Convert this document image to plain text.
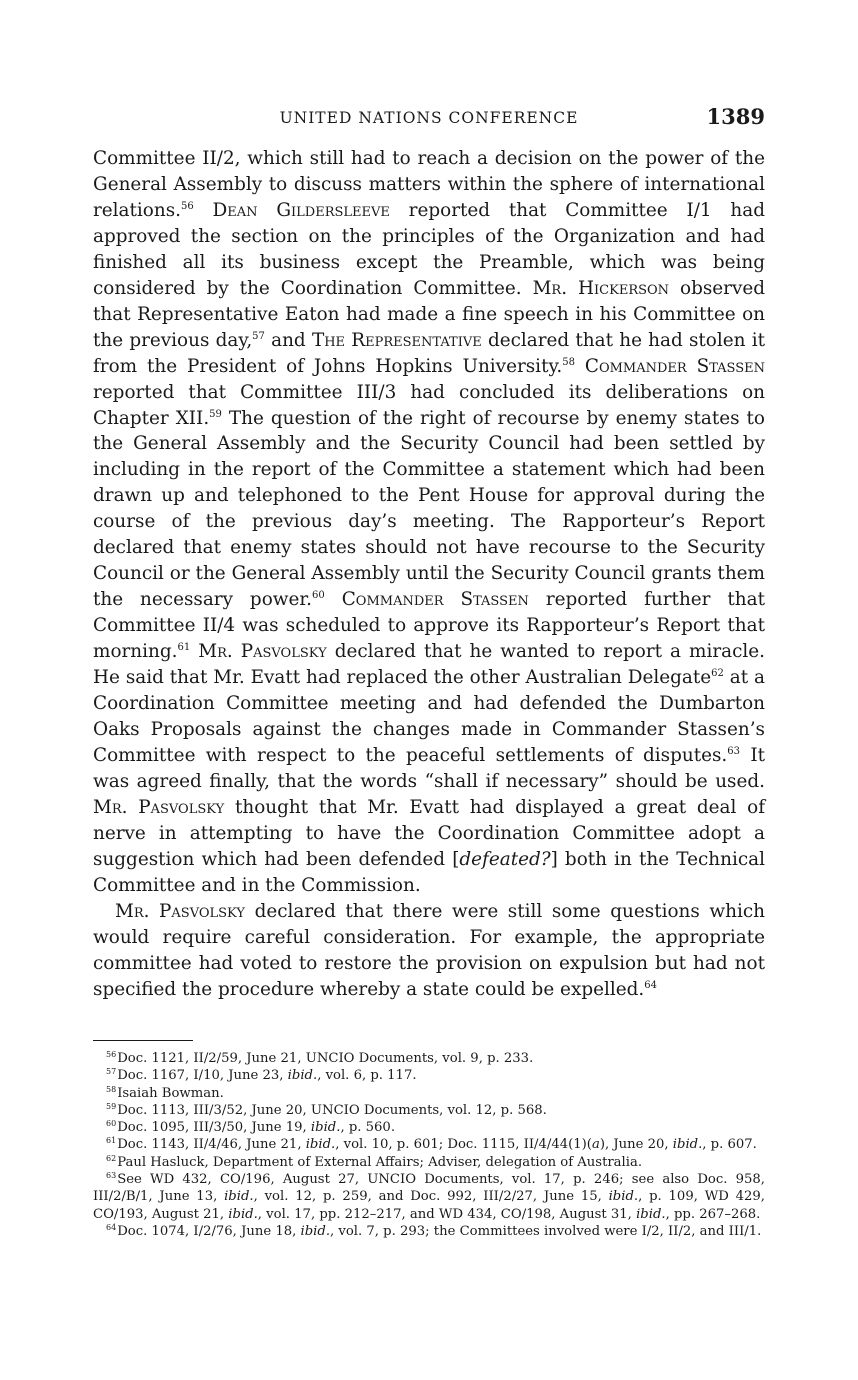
UNITED NATIONS CONFERENCE	1389

Committee II/2, which still had to reach a decision on the power of the General Assembly to discuss matters within the sphere of international relations.$^{56}$ Dean Gildersleeve reported that Committee I/1 had approved the section on the principles of the Organization and had finished all its business except the Preamble, which was being considered by the Coordination Committee. Mr. Hickerson observed that Representative Eaton had made a fine speech in his Committee on the previous day,$^{57}$ and The Representative declared that he had stolen it from the President of Johns Hopkins University.$^{58}$ Commander Stassen reported that Committee III/3 had concluded its deliberations on Chapter XII.$^{59}$ The question of the right of recourse by enemy states to the General Assembly and the Security Council had been settled by including in the report of the Committee a statement which had been drawn up and telephoned to the Pent House for approval during the course of the previous day’s meeting. The Rapporteur’s Report declared that enemy states should not have recourse to the Security Council or the General Assembly until the Security Council grants them the necessary power.$^{60}$ Commander Stassen reported further that Committee II/4 was scheduled to approve its Rapporteur’s Report that morning.$^{61}$ Mr. Pasvolsky declared that he wanted to report a miracle. He said that Mr. Evatt had replaced the other Australian Delegate$^{62}$ at a Coordination Committee meeting and had defended the Dumbarton Oaks Proposals against the changes made in Commander Stassen’s Committee with respect to the peaceful settlements of disputes.$^{63}$ It was agreed finally, that the words “shall if necessary” should be used. Mr. Pasvolsky thought that Mr. Evatt had displayed a great deal of nerve in attempting to have the Coordination Committee adopt a suggestion which had been defended [defeated?] both in the Technical Committee and in the Commission.

Mr. Pasvolsky declared that there were still some questions which would require careful consideration. For example, the appropriate committee had voted to restore the provision on expulsion but had not specified the procedure whereby a state could be expelled.$^{64}$

$^{56}$Doc. 1121, II/2/59, June 21, UNCIO Documents, vol. 9, p. 233.

$^{57}$Doc. 1167, I/10, June 23, ibid., vol. 6, p. 117.

$^{58}$Isaiah Bowman.

$^{59}$Doc. 1113, III/3/52, June 20, UNCIO Documents, vol. 12, p. 568.

$^{60}$Doc. 1095, III/3/50, June 19, ibid., p. 560.

$^{61}$Doc. 1143, II/4/46, June 21, ibid., vol. 10, p. 601; Doc. 1115, II/4/44(1)(a), June 20, ibid., p. 607.

$^{62}$Paul Hasluck, Department of External Affairs; Adviser, delegation of Australia.

$^{63}$See WD 432, CO/196, August 27, UNCIO Documents, vol. 17, p. 246; see also Doc. 958, III/2/B/1, June 13, ibid., vol. 12, p. 259, and Doc. 992, III/2/27, June 15, ibid., p. 109, WD 429, CO/193, August 21, ibid., vol. 17, pp. 212–217, and WD 434, CO/198, August 31, ibid., pp. 267–268.

$^{64}$Doc. 1074, I/2/76, June 18, ibid., vol. 7, p. 293; the Committees involved were I/2, II/2, and III/1.
